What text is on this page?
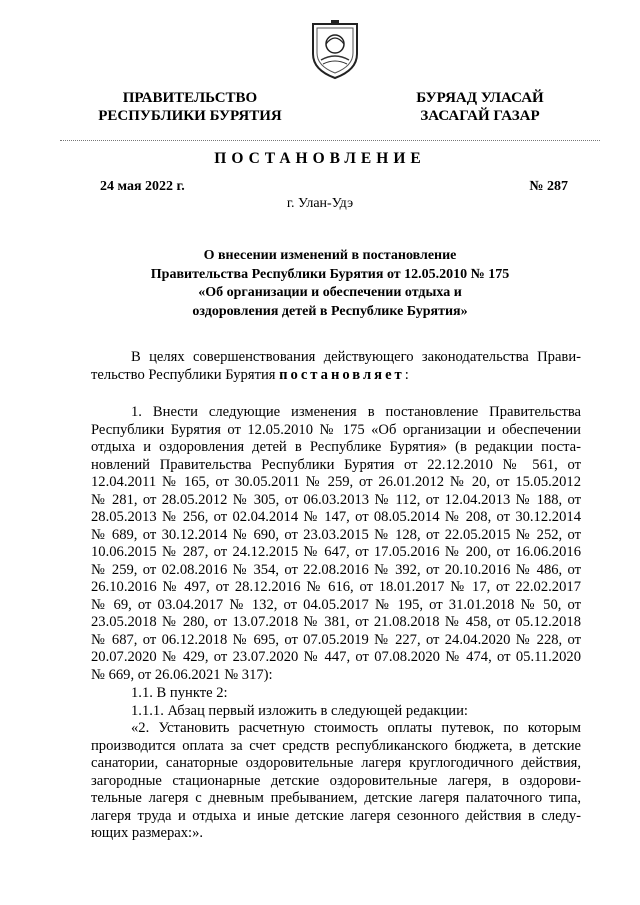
ПРАВИТЕЛЬСТВО
РЕСПУБЛИКИ БУРЯТИЯ
БУРЯАД УЛАСАЙ
ЗАСАГАЙ ГАЗАР
ПОСТАНОВЛЕНИЕ
24 мая 2022 г.	№ 287
г. Улан-Удэ
О внесении изменений в постановление
Правительства Республики Бурятия от 12.05.2010 № 175
«Об организации и обеспечении отдыха и
оздоровления детей в Республике Бурятия»
В целях совершенствования действующего законодательства Прави-
тельство Республики Бурятия постановляет:
1. Внести следующие изменения в постановление Правительства
Республики Бурятия от 12.05.2010 № 175 «Об организации и обеспечении
отдыха и оздоровления детей в Республике Бурятия» (в редакции поста-
новлений Правительства Республики Бурятия от 22.12.2010 № 561, от
12.04.2011 № 165, от 30.05.2011 № 259, от 26.01.2012 № 20, от 15.05.2012
№ 281, от 28.05.2012 № 305, от 06.03.2013 № 112, от 12.04.2013 № 188, от
28.05.2013 № 256, от 02.04.2014 № 147, от 08.05.2014 № 208, от 30.12.2014
№ 689, от 30.12.2014 № 690, от 23.03.2015 № 128, от 22.05.2015 № 252, от
10.06.2015 № 287, от 24.12.2015 № 647, от 17.05.2016 № 200, от 16.06.2016
№ 259, от 02.08.2016 № 354, от 22.08.2016 № 392, от 20.10.2016 № 486, от
26.10.2016 № 497, от 28.12.2016 № 616, от 18.01.2017 № 17, от 22.02.2017
№ 69, от 03.04.2017 № 132, от 04.05.2017 № 195, от 31.01.2018 № 50, от
23.05.2018 № 280, от 13.07.2018 № 381, от 21.08.2018 № 458, от 05.12.2018
№ 687, от 06.12.2018 № 695, от 07.05.2019 № 227, от 24.04.2020 № 228, от
20.07.2020 № 429, от 23.07.2020 № 447, от 07.08.2020 № 474, от 05.11.2020
№ 669, от 26.06.2021 № 317):
1.1. В пункте 2:
1.1.1. Абзац первый изложить в следующей редакции:
«2. Установить расчетную стоимость оплаты путевок, по которым
производится оплата за счет средств республиканского бюджета, в детские
санатории, санаторные оздоровительные лагеря круглогодичного действия,
загородные стационарные детские оздоровительные лагеря, в оздорови-
тельные лагеря с дневным пребыванием, детские лагеря палаточного типа,
лагеря труда и отдыха и иные детские лагеря сезонного действия в следу-
ющих размерах:».
